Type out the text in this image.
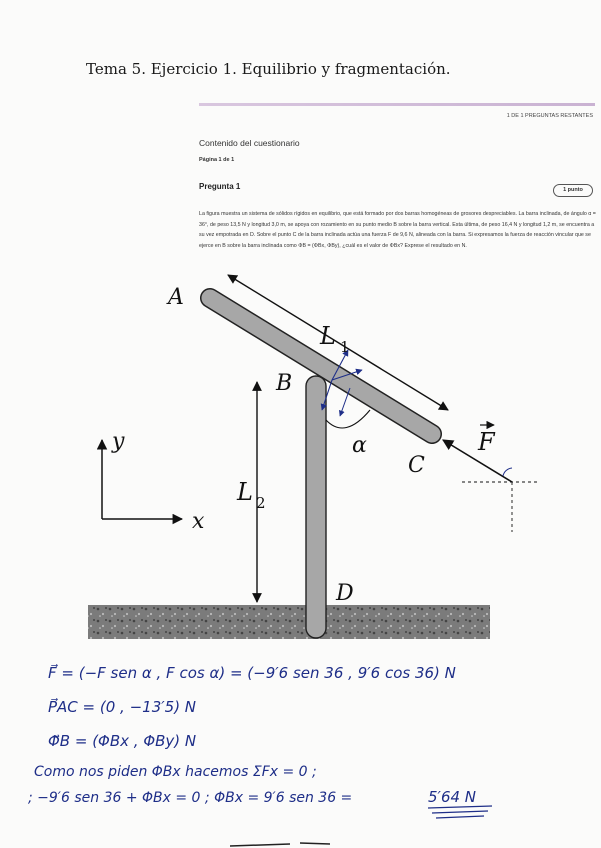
Tema 5. Ejercicio 1. Equilibrio y fragmentación.
1 DE 1 PREGUNTAS RESTANTES
Contenido del cuestionario
Página 1 de 1
Pregunta 1	1 punto

La figura muestra un sistema de sólidos rígidos en equilibrio, que está formado por dos barras homogéneas de grosores despreciables. La barra inclinada, de ángulo α = 36°, de peso 13,5 N y longitud 3,0 m, se apoya con rozamiento en su punto medio B sobre la barra vertical. Esta última, de peso 16,4 N y longitud 1,2 m, se encuentra a su vez empotrada en D. Sobre el punto C de la barra inclinada actúa una fuerza F de 9,6 N, alineada con la barra. Si expresamos la fuerza de reacción vincular que se ejerce en B sobre la barra inclinada como ΦB = (ΦBx, ΦBy), ¿cuál es el valor de ΦBx? Exprese el resultado en N.

A
L 1
B
α
C
F
L 2
D
y
x
F⃗ = (−F sen α , F cos α) = (−9′6 sen 36 , 9′6 cos 36) N
P⃗AC = (0 , −13′5) N
Φ⃗B = (ΦBx , ΦBy) N
Como nos piden ΦBx hacemos ΣFx = 0 ;
; −9′6 sen 36 + ΦBx = 0 ; ΦBx = 9′6 sen 36 =	5′64 N
